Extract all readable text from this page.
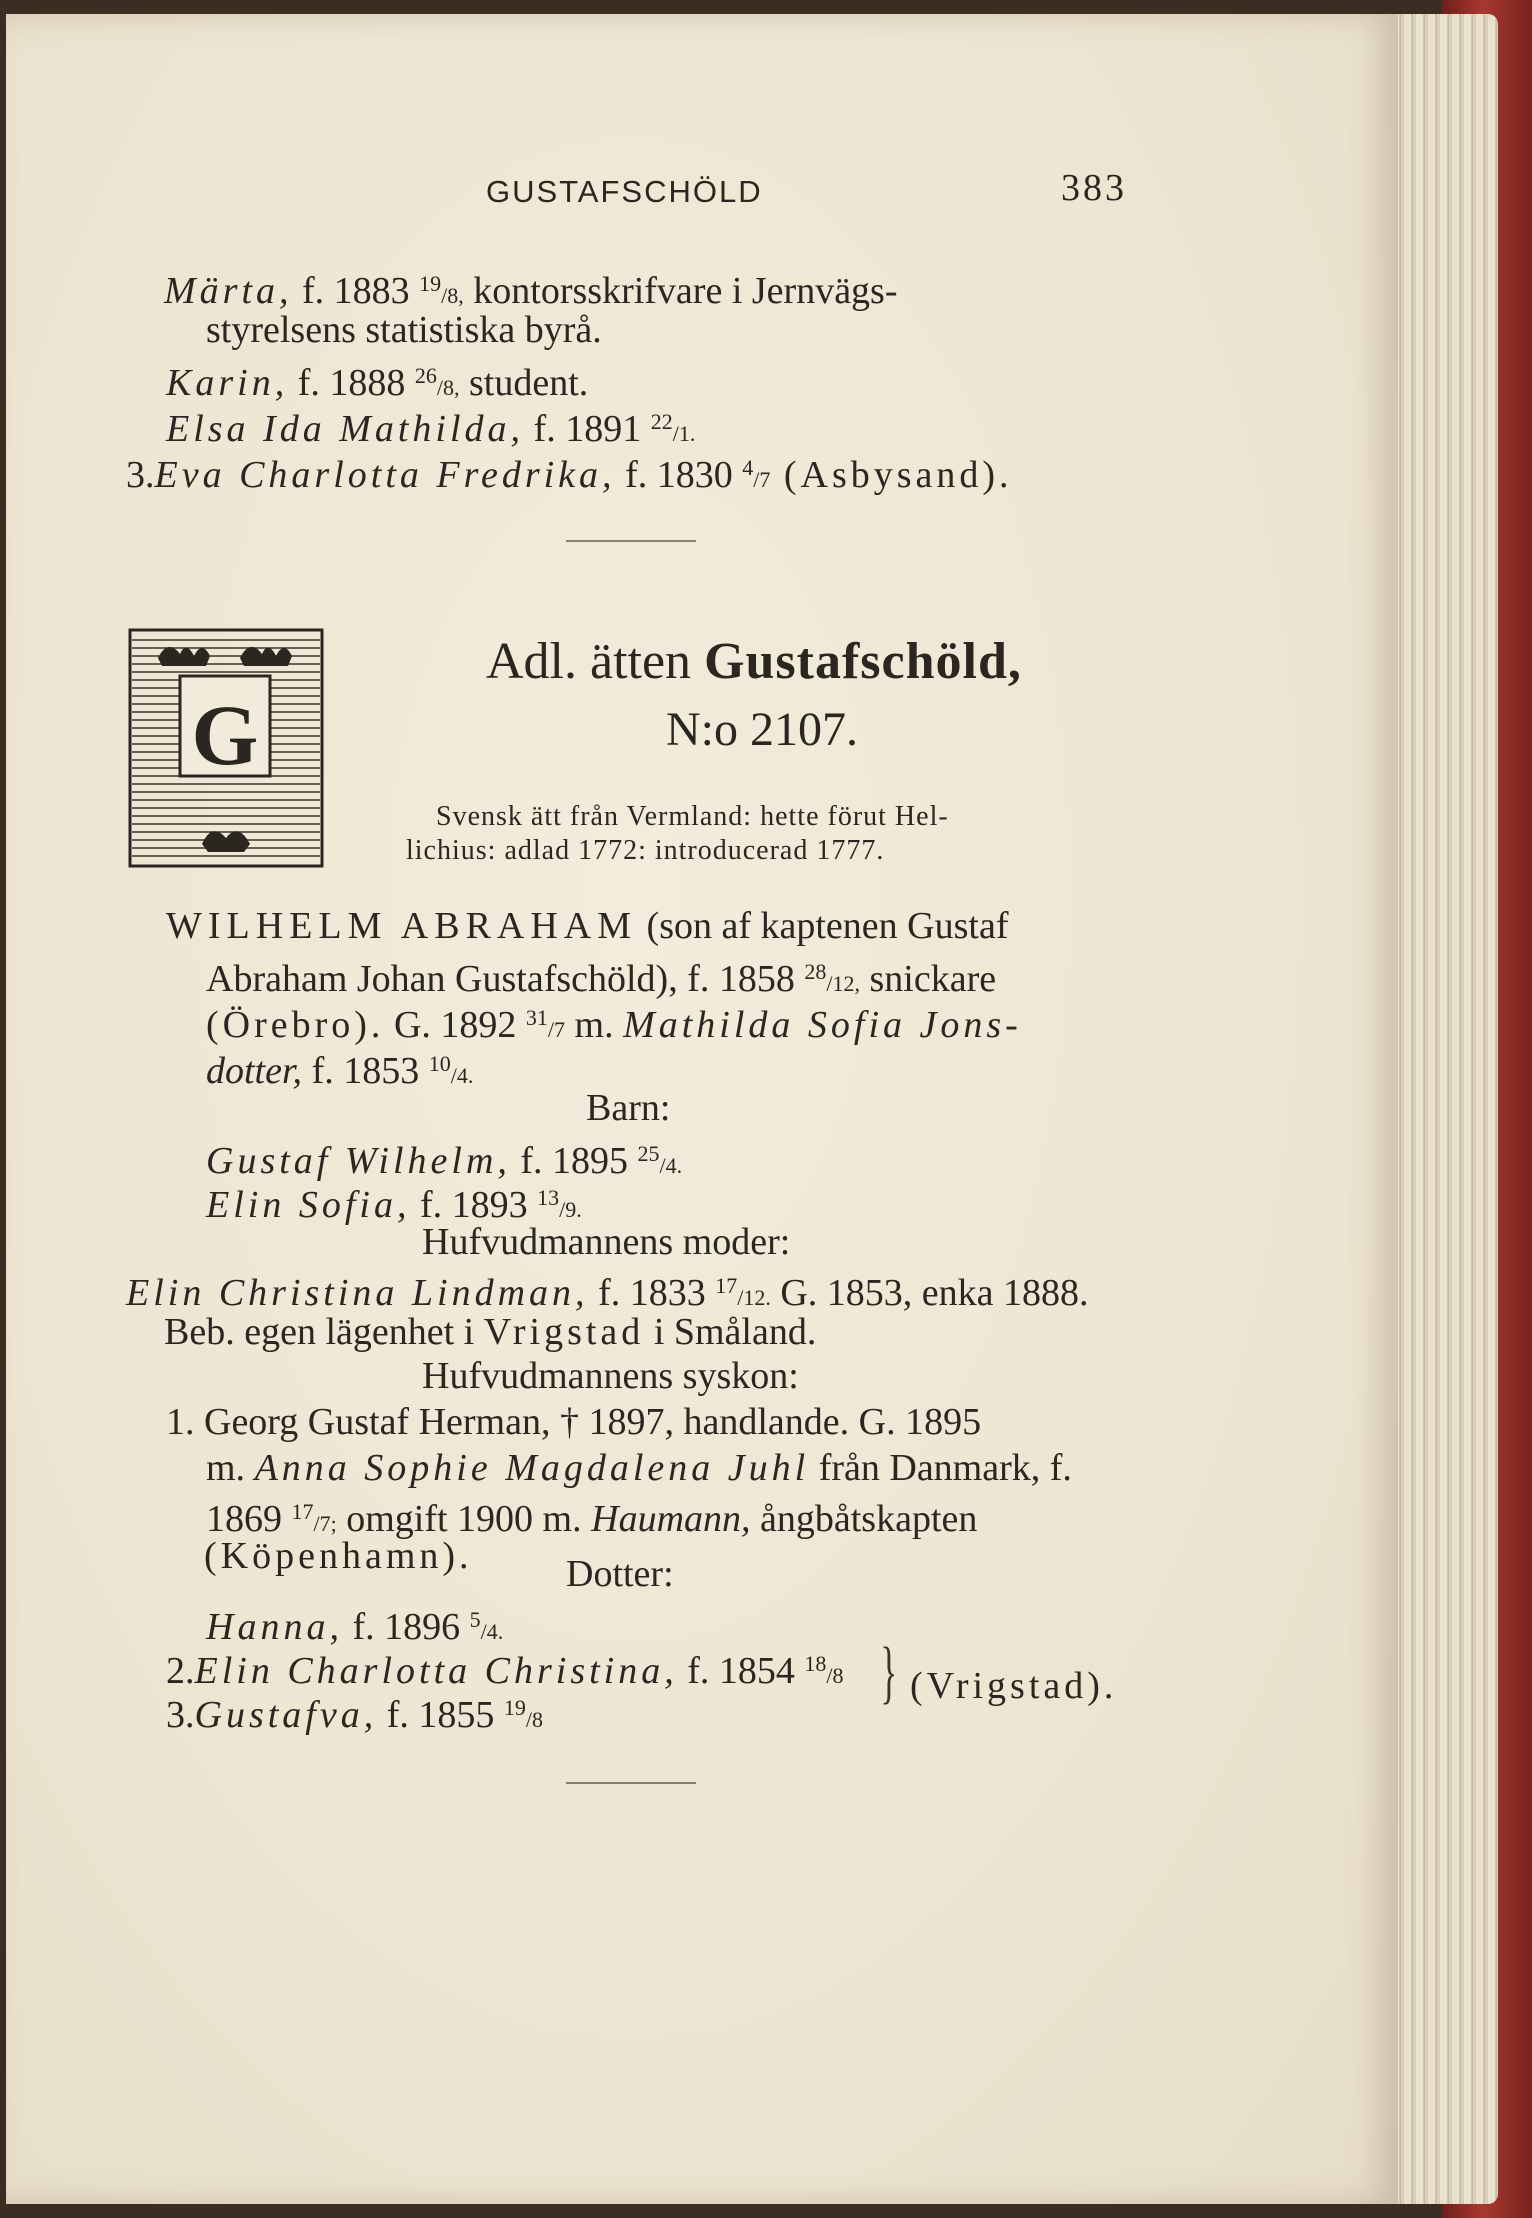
GUSTAFSCHÖLD	383
Märta, f. 1883 $^{19}$/8, kontorsskrifvare i Jernvägs-
styrelsens statistiska byrå.
Karin, f. 1888 $^{26}$/8, student.
Elsa Ida Mathilda, f. 1891 $^{22}$/1.
3.Eva Charlotta Fredrika, f. 1830 $^4$/7 (Asbysand).
G
Adl. ätten Gustafschöld,
N:o 2107.
Svensk ätt från Vermland: hette förut Hel-
lichius: adlad 1772: introducerad 1777.
WILHELM ABRAHAM (son af kaptenen Gustaf
Abraham Johan Gustafschöld), f. 1858 $^{28}$/12, snickare
(Örebro). G. 1892 $^{31}$/7 m. Mathilda Sofia Jons-
dotter, f. 1853 $^{10}$/4.
Barn:
Gustaf Wilhelm, f. 1895 $^{25}$/4.
Elin Sofia, f. 1893 $^{13}$/9.
Hufvudmannens moder:
Elin Christina Lindman, f. 1833 $^{17}$/12. G. 1853, enka 1888.
Beb. egen lägenhet i Vrigstad i Småland.
Hufvudmannens syskon:
1. Georg Gustaf Herman, † 1897, handlande. G. 1895
m. Anna Sophie Magdalena Juhl från Danmark, f.
1869 $^{17}$/7; omgift 1900 m. Haumann, ångbåtskapten
(Köpenhamn). Dotter:
Hanna, f. 1896 $^5$/4.
2.Elin Charlotta Christina, f. 1854 $^{18}$/8
3.Gustafva, f. 1855 $^{19}$/8
} (Vrigstad).
